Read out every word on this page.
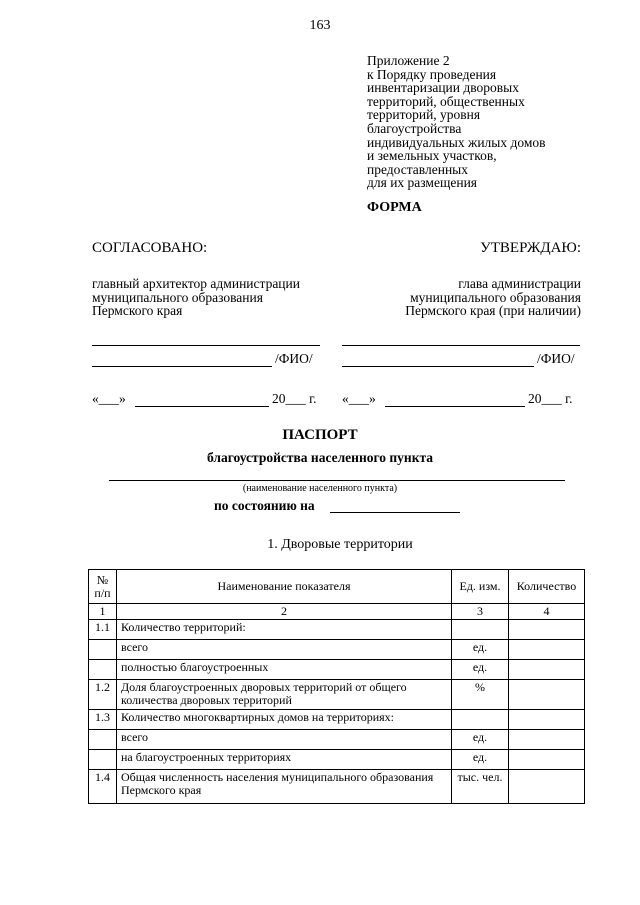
163
Приложение 2
к Порядку проведения
инвентаризации дворовых
территорий, общественных
территорий, уровня
благоустройства
индивидуальных жилых домов
и земельных участков,
предоставленных
для их размещения
ФОРМА
СОГЛАСОВАНО:	УТВЕРЖДАЮ:
главный архитектор администрации
муниципального образования
Пермского края
глава администрации
муниципального образования
Пермского края (при наличии)
/ФИО/	/ФИО/
«___»	20___ г. «___»	20___ г.
ПАСПОРТ
благоустройства населенного пункта
(наименование населенного пункта)
по состоянию на
1. Дворовые территории
№ п/п	Наименование показателя	Ед. изм.	Количество
1	2	3	4
1.1	Количество территорий:		
	всего	ед.	
	полностью благоустроенных	ед.	
1.2	Доля благоустроенных дворовых территорий от общего количества дворовых территорий	%	
1.3	Количество многоквартирных домов на территориях:		
	всего	ед.	
	на благоустроенных территориях	ед.	
1.4	Общая численность населения муниципального образования Пермского края	тыс. чел.	
